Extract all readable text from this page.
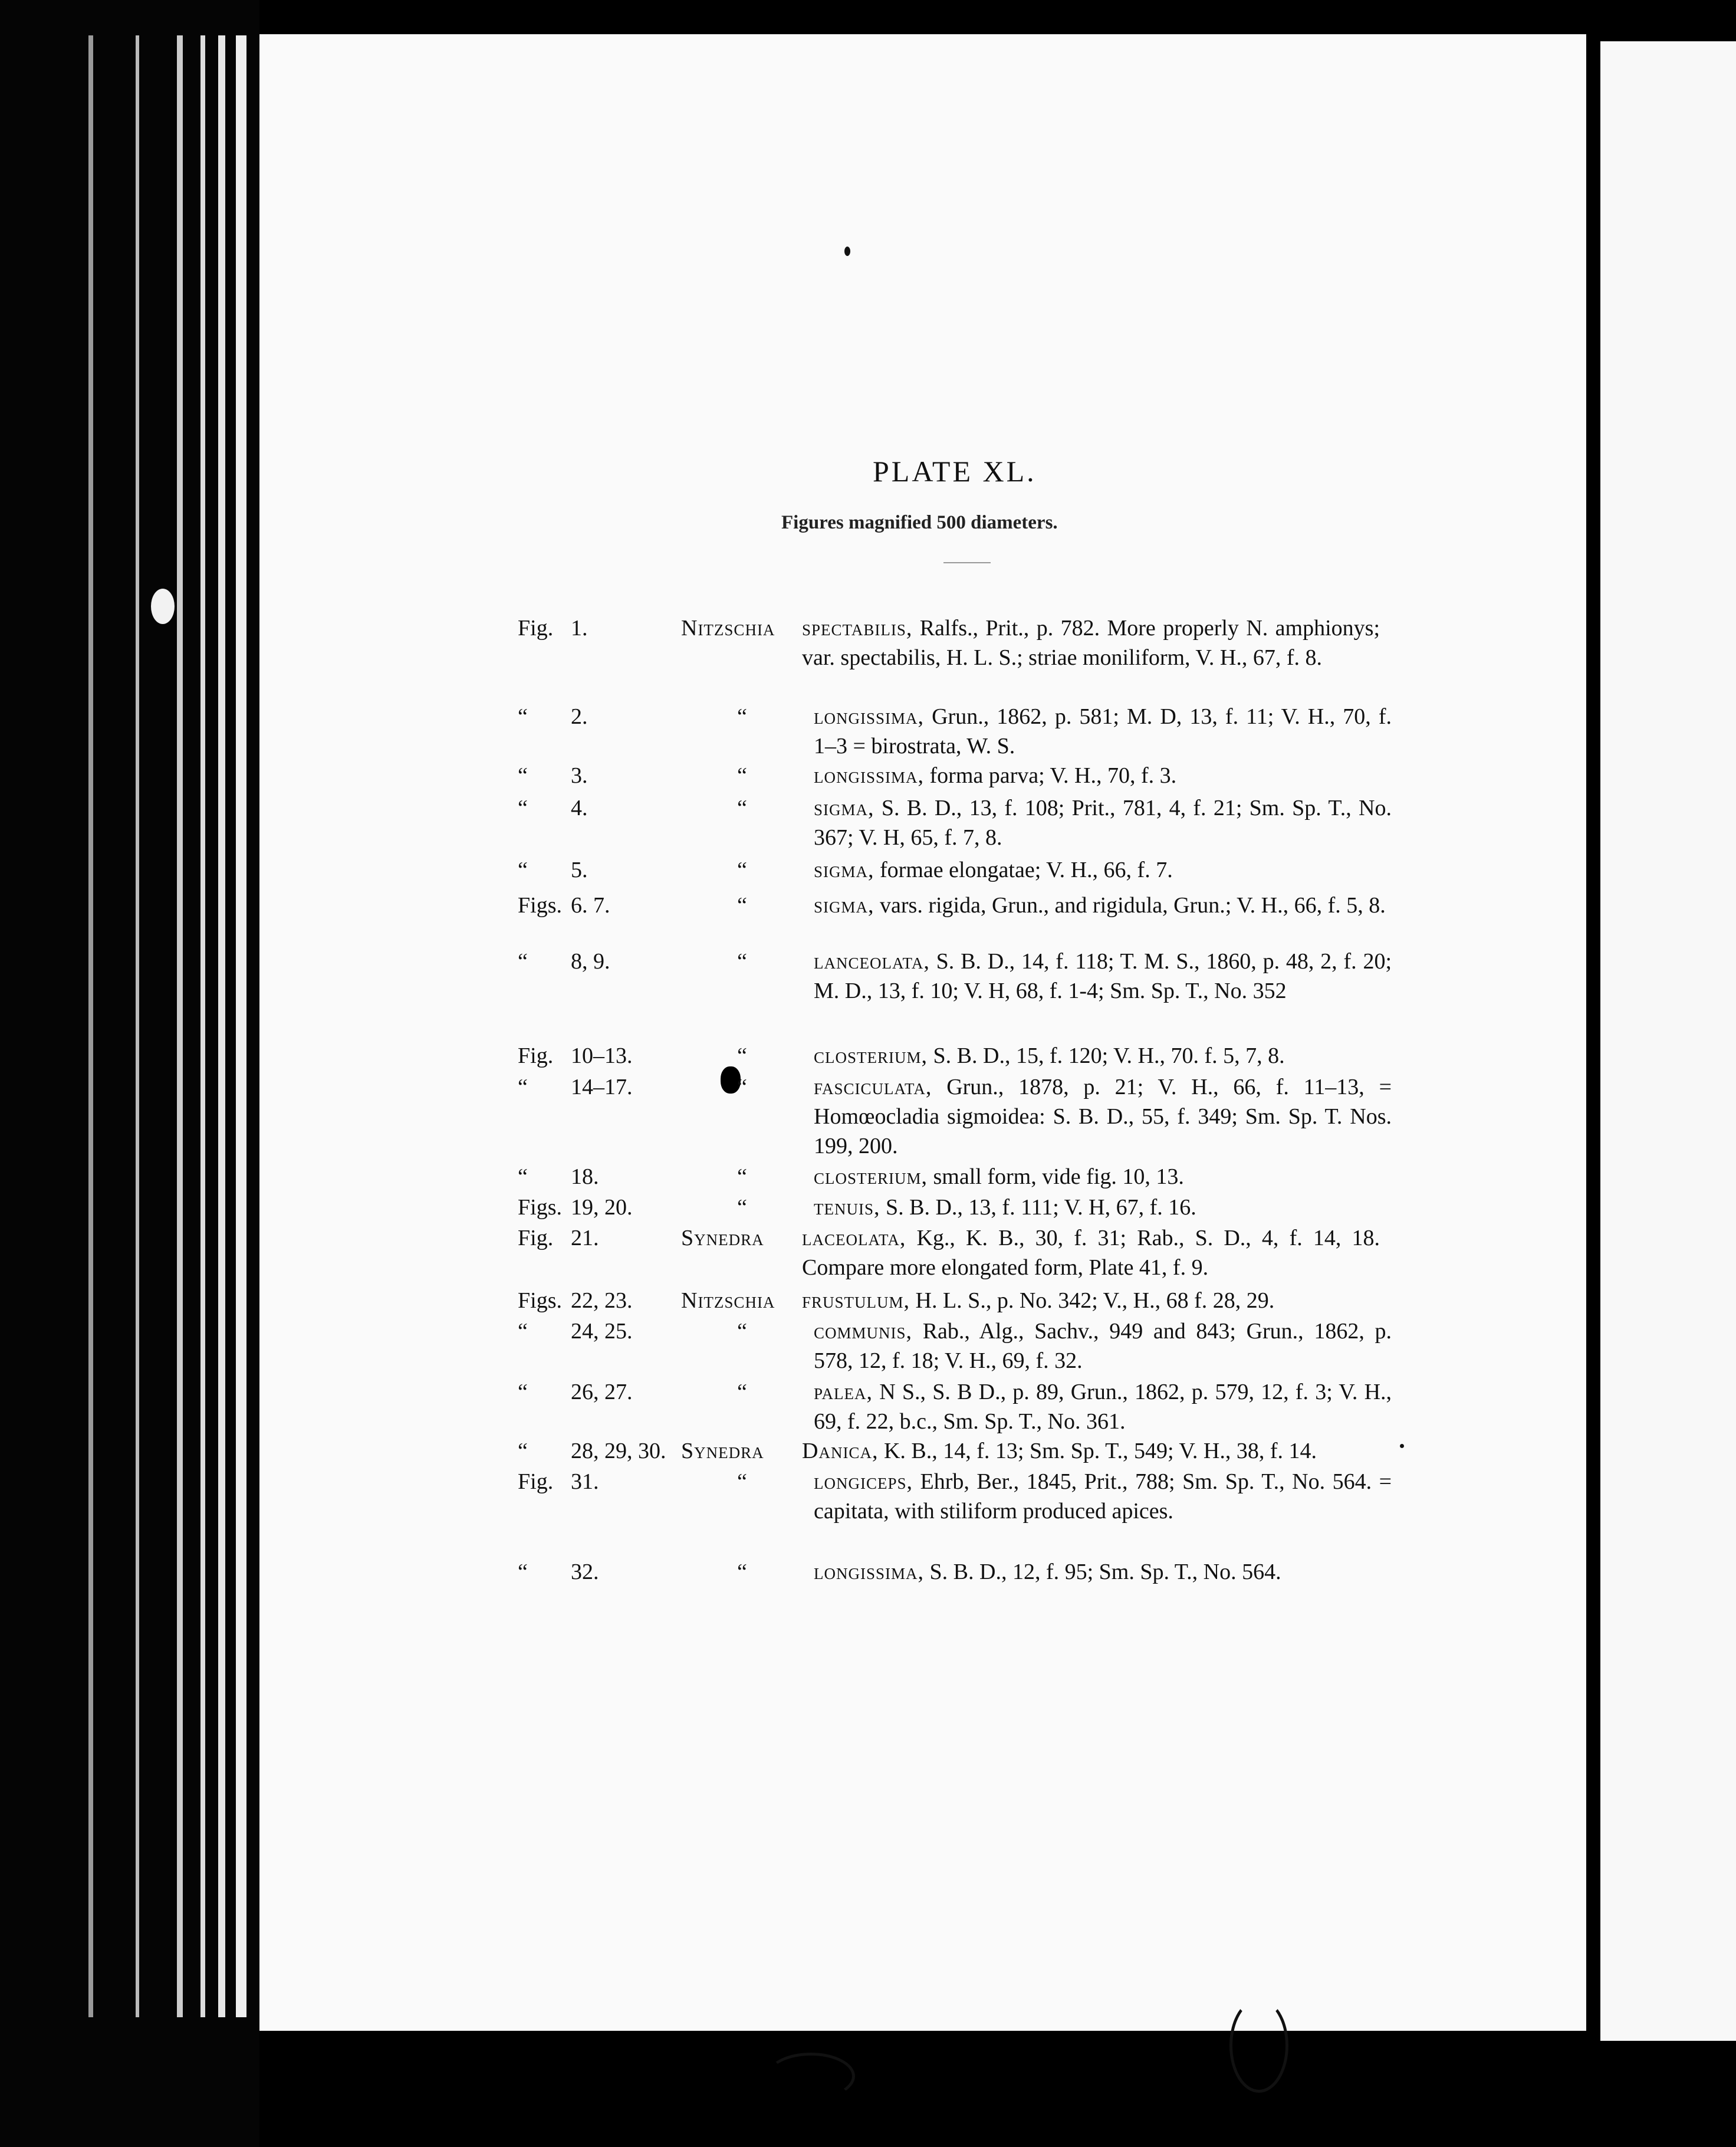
PLATE XL.
Figures magnified 500 diameters.
Fig. 1.	Nitzschia spectabilis, Ralfs., Prit., p. 782. More properly N. amphionys; var. spectabilis, H. L. S.; striae moniliform, V. H., 67, f. 8.
“ 2.	“	longissima, Grun., 1862, p. 581; M. D, 13, f. 11; V. H., 70, f. 1–3 = birostrata, W. S.
“ 3.	“	longissima, forma parva; V. H., 70, f. 3.
“ 4.	“	sigma, S. B. D., 13, f. 108; Prit., 781, 4, f. 21; Sm. Sp. T., No. 367; V. H, 65, f. 7, 8.
“ 5.	“	sigma, formae elongatae; V. H., 66, f. 7.
Figs. 6. 7.	“	sigma, vars. rigida, Grun., and rigidula, Grun.; V. H., 66, f. 5, 8.
“ 8, 9.	“	lanceolata, S. B. D., 14, f. 118; T. M. S., 1860, p. 48, 2, f. 20; M. D., 13, f. 10; V. H, 68, f. 1-4; Sm. Sp. T., No. 352
Fig. 10–13.	“	closterium, S. B. D., 15, f. 120; V. H., 70. f. 5, 7, 8.
“ 14–17.	“	fasciculata, Grun., 1878, p. 21; V. H., 66, f. 11–13, = Homœocladia sigmoidea: S. B. D., 55, f. 349; Sm. Sp. T. Nos. 199, 200.
“ 18.	“	closterium, small form, vide fig. 10, 13.
Figs. 19, 20.	“	tenuis, S. B. D., 13, f. 111; V. H, 67, f. 16.
Fig. 21.	Synedra laceolata, Kg., K. B., 30, f. 31; Rab., S. D., 4, f. 14, 18. Compare more elongated form, Plate 41, f. 9.
Figs. 22, 23. Nitzschia frustulum, H. L. S., p. No. 342; V., H., 68 f. 28, 29.
“ 24, 25.	“	communis, Rab., Alg., Sachv., 949 and 843; Grun., 1862, p. 578, 12, f. 18; V. H., 69, f. 32.
“ 26, 27.	“	palea, N S., S. B D., p. 89, Grun., 1862, p. 579, 12, f. 3; V. H., 69, f. 22, b.c., Sm. Sp. T., No. 361.
“ 28, 29, 30. Synedra Danica, K. B., 14, f. 13; Sm. Sp. T., 549; V. H., 38, f. 14.
Fig. 31.	“	longiceps, Ehrb, Ber., 1845, Prit., 788; Sm. Sp. T., No. 564. = capitata, with stiliform produced apices.
“ 32.	“	longissima, S. B. D., 12, f. 95; Sm. Sp. T., No. 564.
